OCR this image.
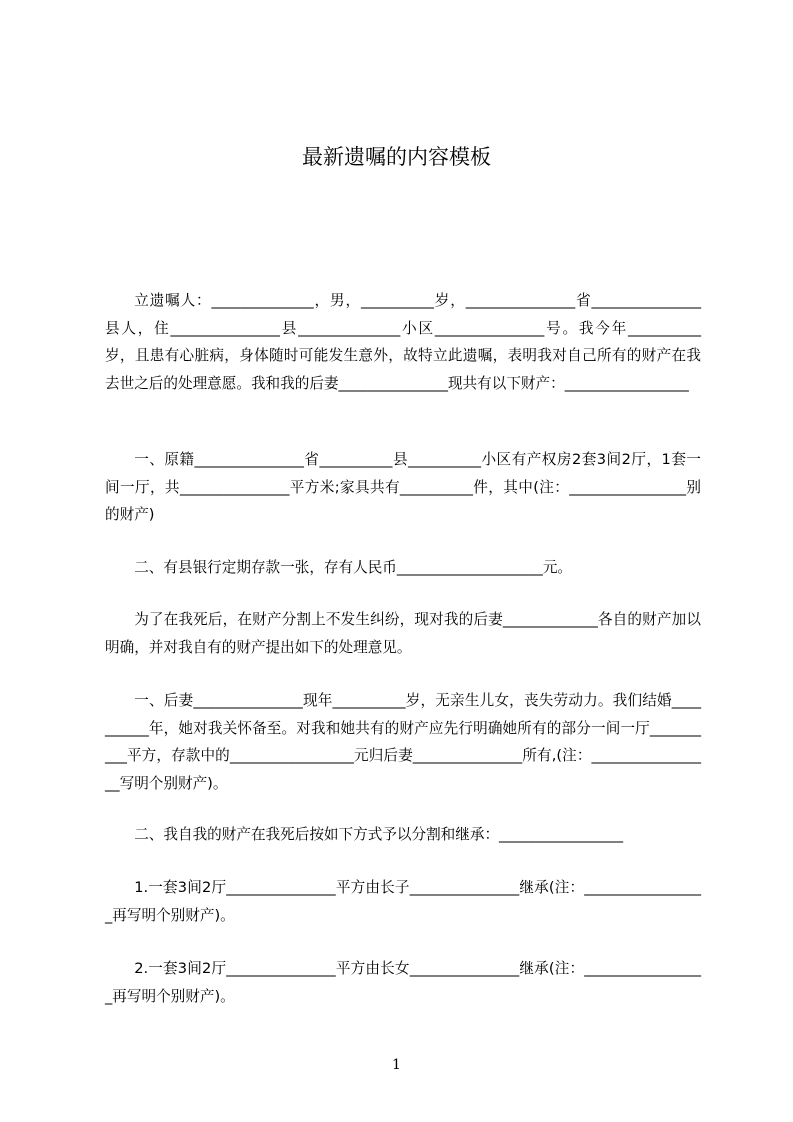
最新遗嘱的内容模板

立遗嘱人：______________，男，__________岁，_______________省_______________县人，住_______________县______________小区_______________号。我今年__________岁，且患有心脏病，身体随时可能发生意外，故特立此遗嘱，表明我对自己所有的财产在我去世之后的处理意愿。我和我的后妻_______________现共有以下财产：_________________

一、原籍_______________省__________县__________小区有产权房2套3间2厅，1套一间一厅，共_______________平方米;家具共有__________件，其中(注：________________别的财产)

二、有县银行定期存款一张，存有人民币____________________元。

为了在我死后，在财产分割上不发生纠纷，现对我的后妻_____________各自的财产加以明确，并对我自有的财产提出如下的处理意见。

一、后妻_______________现年__________岁，无亲生儿女，丧失劳动力。我们结婚__________年，她对我关怀备至。对我和她共有的财产应先行明确她所有的部分一间一厅__________平方，存款中的_________________元归后妻_______________所有,(注：_________________写明个别财产)。

二、我自我的财产在我死后按如下方式予以分割和继承：_________________

1.一套3间2厅_______________平方由长子_______________继承(注：_________________再写明个别财产)。

2.一套3间2厅_______________平方由长女_______________继承(注：_________________再写明个别财产)。

1
